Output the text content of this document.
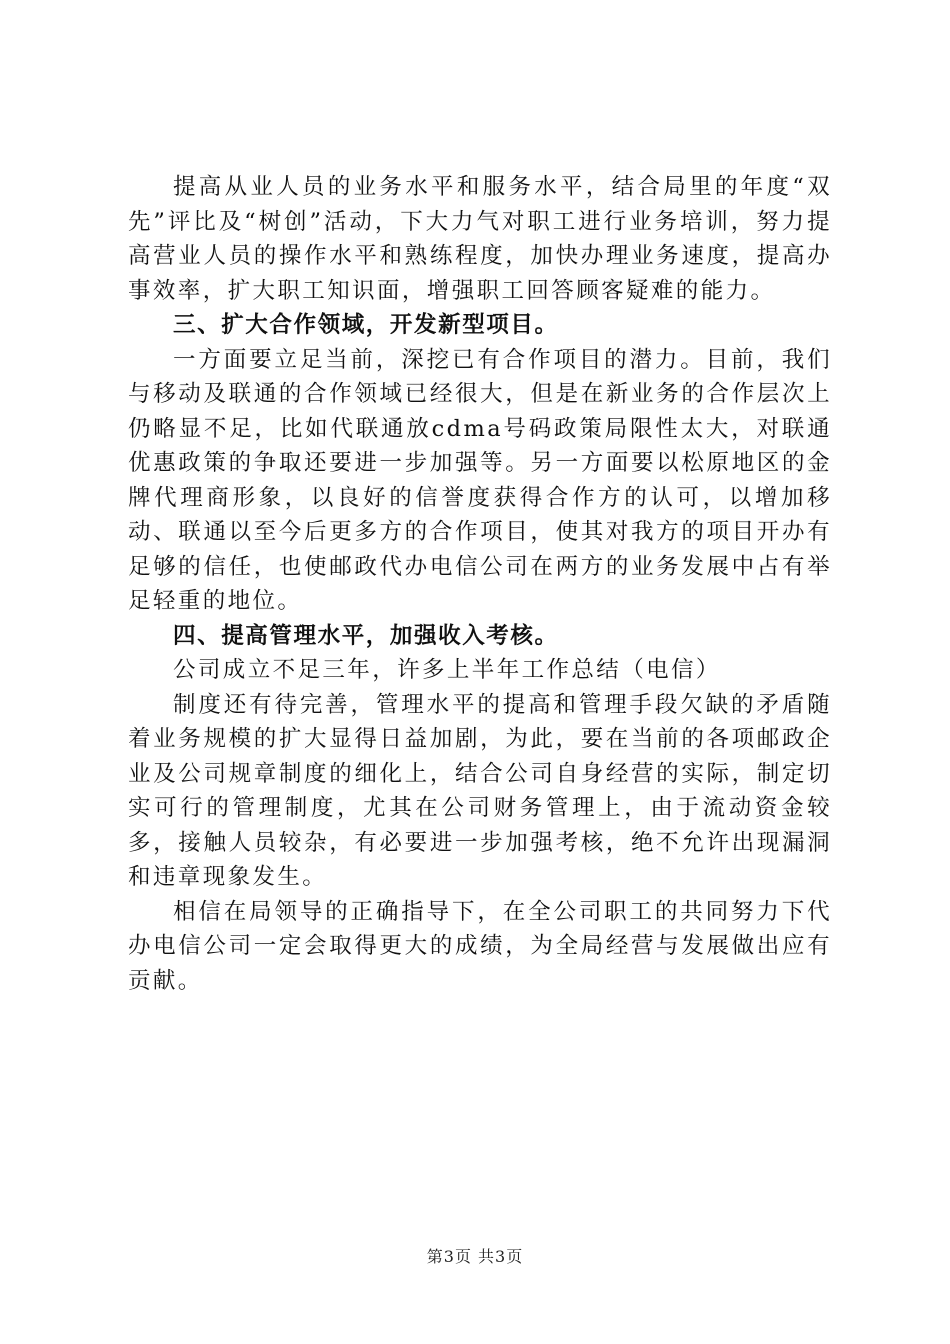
提高从业人员的业务水平和服务水平，结合局里的年度“双先”评比及“树创”活动，下大力气对职工进行业务培训，努力提高营业人员的操作水平和熟练程度，加快办理业务速度，提高办事效率，扩大职工知识面，增强职工回答顾客疑难的能力。

三、扩大合作领域，开发新型项目。

一方面要立足当前，深挖已有合作项目的潜力。目前，我们与移动及联通的合作领域已经很大，但是在新业务的合作层次上仍略显不足，比如代联通放cdma号码政策局限性太大，对联通优惠政策的争取还要进一步加强等。另一方面要以松原地区的金牌代理商形象，以良好的信誉度获得合作方的认可，以增加移动、联通以至今后更多方的合作项目，使其对我方的项目开办有足够的信任，也使邮政代办电信公司在两方的业务发展中占有举足轻重的地位。

四、提高管理水平，加强收入考核。

公司成立不足三年，许多上半年工作总结（电信）

制度还有待完善，管理水平的提高和管理手段欠缺的矛盾随着业务规模的扩大显得日益加剧，为此，要在当前的各项邮政企业及公司规章制度的细化上，结合公司自身经营的实际，制定切实可行的管理制度，尤其在公司财务管理上，由于流动资金较多，接触人员较杂，有必要进一步加强考核，绝不允许出现漏洞和违章现象发生。

相信在局领导的正确指导下，在全公司职工的共同努力下代办电信公司一定会取得更大的成绩，为全局经营与发展做出应有贡献。

第3页 共3页
